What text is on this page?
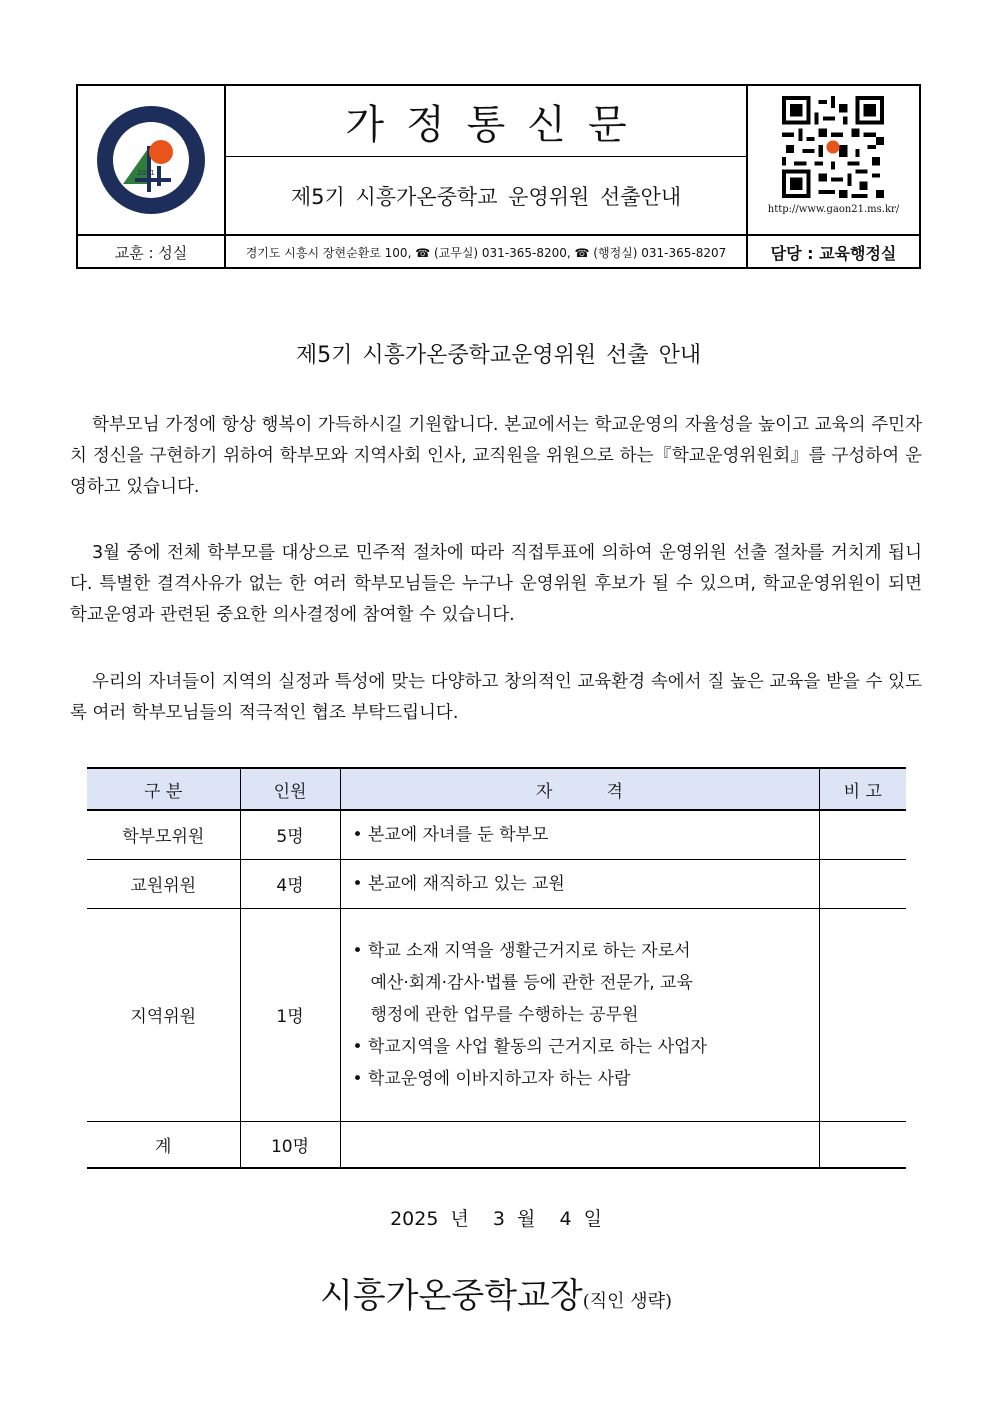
2021
가정통신문
제5기 시흥가온중학교 운영위원 선출안내
http://www.gaon21.ms.kr/
교훈 : 성실	경기도 시흥시 장현순환로 100, ☎ (교무실) 031-365-8200, ☎ (행정실) 031-365-8207	담당 : 교육행정실
제5기 시흥가온중학교운영위원 선출 안내

학부모님 가정에 항상 행복이 가득하시길 기원합니다. 본교에서는 학교운영의 자율성을 높이고 교육의 주민자치 정신을 구현하기 위하여 학부모와 지역사회 인사, 교직원을 위원으로 하는『학교운영위원회』를 구성하여 운영하고 있습니다.

3월 중에 전체 학부모를 대상으로 민주적 절차에 따라 직접투표에 의하여 운영위원 선출 절차를 거치게 됩니다. 특별한 결격사유가 없는 한 여러 학부모님들은 누구나 운영위원 후보가 될 수 있으며, 학교운영위원이 되면 학교운영과 관련된 중요한 의사결정에 참여할 수 있습니다.

우리의 자녀들이 지역의 실정과 특성에 맞는 다양하고 창의적인 교육환경 속에서 질 높은 교육을 받을 수 있도록 여러 학부모님들의 적극적인 협조 부탁드립니다.

구 분	인원	자          격	비 고
학부모위원	5명	• 본교에 자녀를 둔 학부모	

교원위원	4명	• 본교에 재직하고 있는 교원	

지역위원	1명	• 학교 소재 지역을 생활근거지로 하는 자로서
예산·회계·감사·법률 등에 관한 전문가, 교육
행정에 관한 업무를 수행하는 공무원
• 학교지역을 사업 활동의 근거지로 하는 사업자
• 학교운영에 이바지하고자 하는 사람	

계	10명		
2025 년  3 월  4 일
시흥가온중학교장(직인 생략)
